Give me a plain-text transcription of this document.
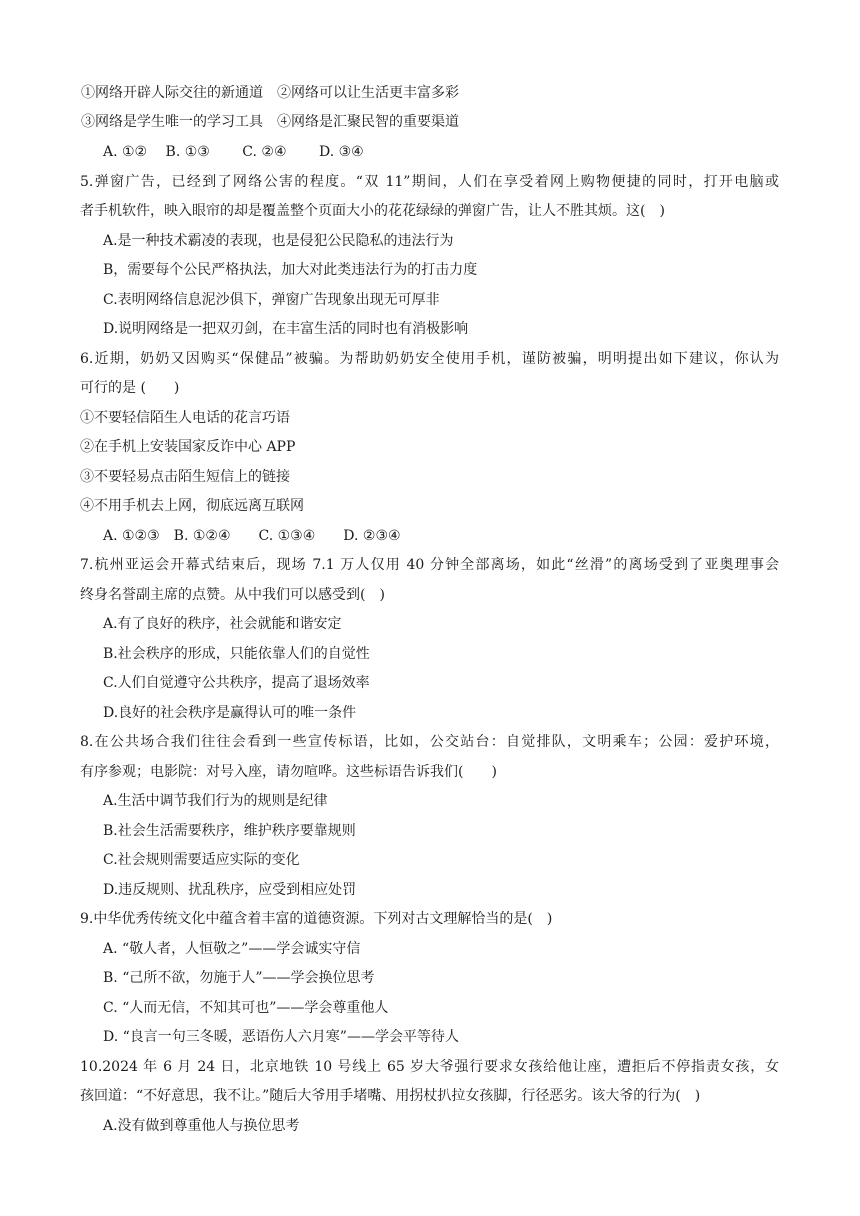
①网络开辟人际交往的新通道　②网络可以让生活更丰富多彩
③网络是学生唯一的学习工具　④网络是汇聚民智的重要渠道
A. ①②　 B. ①③　　 C. ②④　　 D. ③④
5.弹窗广告，已经到了网络公害的程度。“双 11”期间，人们在享受着网上购物便捷的同时，打开电脑或
者手机软件，映入眼帘的却是覆盖整个页面大小的花花绿绿的弹窗广告，让人不胜其烦。这(　)
A.是一种技术霸凌的表现，也是侵犯公民隐私的违法行为
B，需要每个公民严格执法，加大对此类违法行为的打击力度
C.表明网络信息泥沙俱下，弹窗广告现象出现无可厚非
D.说明网络是一把双刃剑，在丰富生活的同时也有消极影响
6.近期，奶奶又因购买“保健品”被骗。为帮助奶奶安全使用手机，谨防被骗，明明提出如下建议，你认为
可行的是 (　　)
①不要轻信陌生人电话的花言巧语
②在手机上安装国家反诈中心 APP
③不要轻易点击陌生短信上的链接
④不用手机去上网，彻底远离互联网
A. ①②③　B. ①②④　　C. ①③④　　D. ②③④
7.杭州亚运会开幕式结束后，现场 7.1 万人仅用 40 分钟全部离场，如此“丝滑”的离场受到了亚奥理事会
终身名誉副主席的点赞。从中我们可以感受到(　)
A.有了良好的秩序，社会就能和谐安定
B.社会秩序的形成，只能依靠人们的自觉性
C.人们自觉遵守公共秩序，提高了退场效率
D.良好的社会秩序是赢得认可的唯一条件
8.在公共场合我们往往会看到一些宣传标语，比如，公交站台：自觉排队，文明乘车；公园：爱护环境，
有序参观；电影院：对号入座，请勿喧哗。这些标语告诉我们(　　)
A.生活中调节我们行为的规则是纪律
B.社会生活需要秩序，维护秩序要靠规则
C.社会规则需要适应实际的变化
D.违反规则、扰乱秩序，应受到相应处罚
9.中华优秀传统文化中蕴含着丰富的道德资源。下列对古文理解恰当的是(　)
A. “敬人者，人恒敬之”——学会诚实守信
B. “己所不欲，勿施于人”——学会换位思考
C. “人而无信，不知其可也”——学会尊重他人
D. “良言一句三冬暖，恶语伤人六月寒”——学会平等待人
10.2024 年 6 月 24 日，北京地铁 10 号线上 65 岁大爷强行要求女孩给他让座，遭拒后不停指责女孩，女
孩回道：“不好意思，我不让。”随后大爷用手堵嘴、用拐杖扒拉女孩脚，行径恶劣。该大爷的行为(　)
A.没有做到尊重他人与换位思考
